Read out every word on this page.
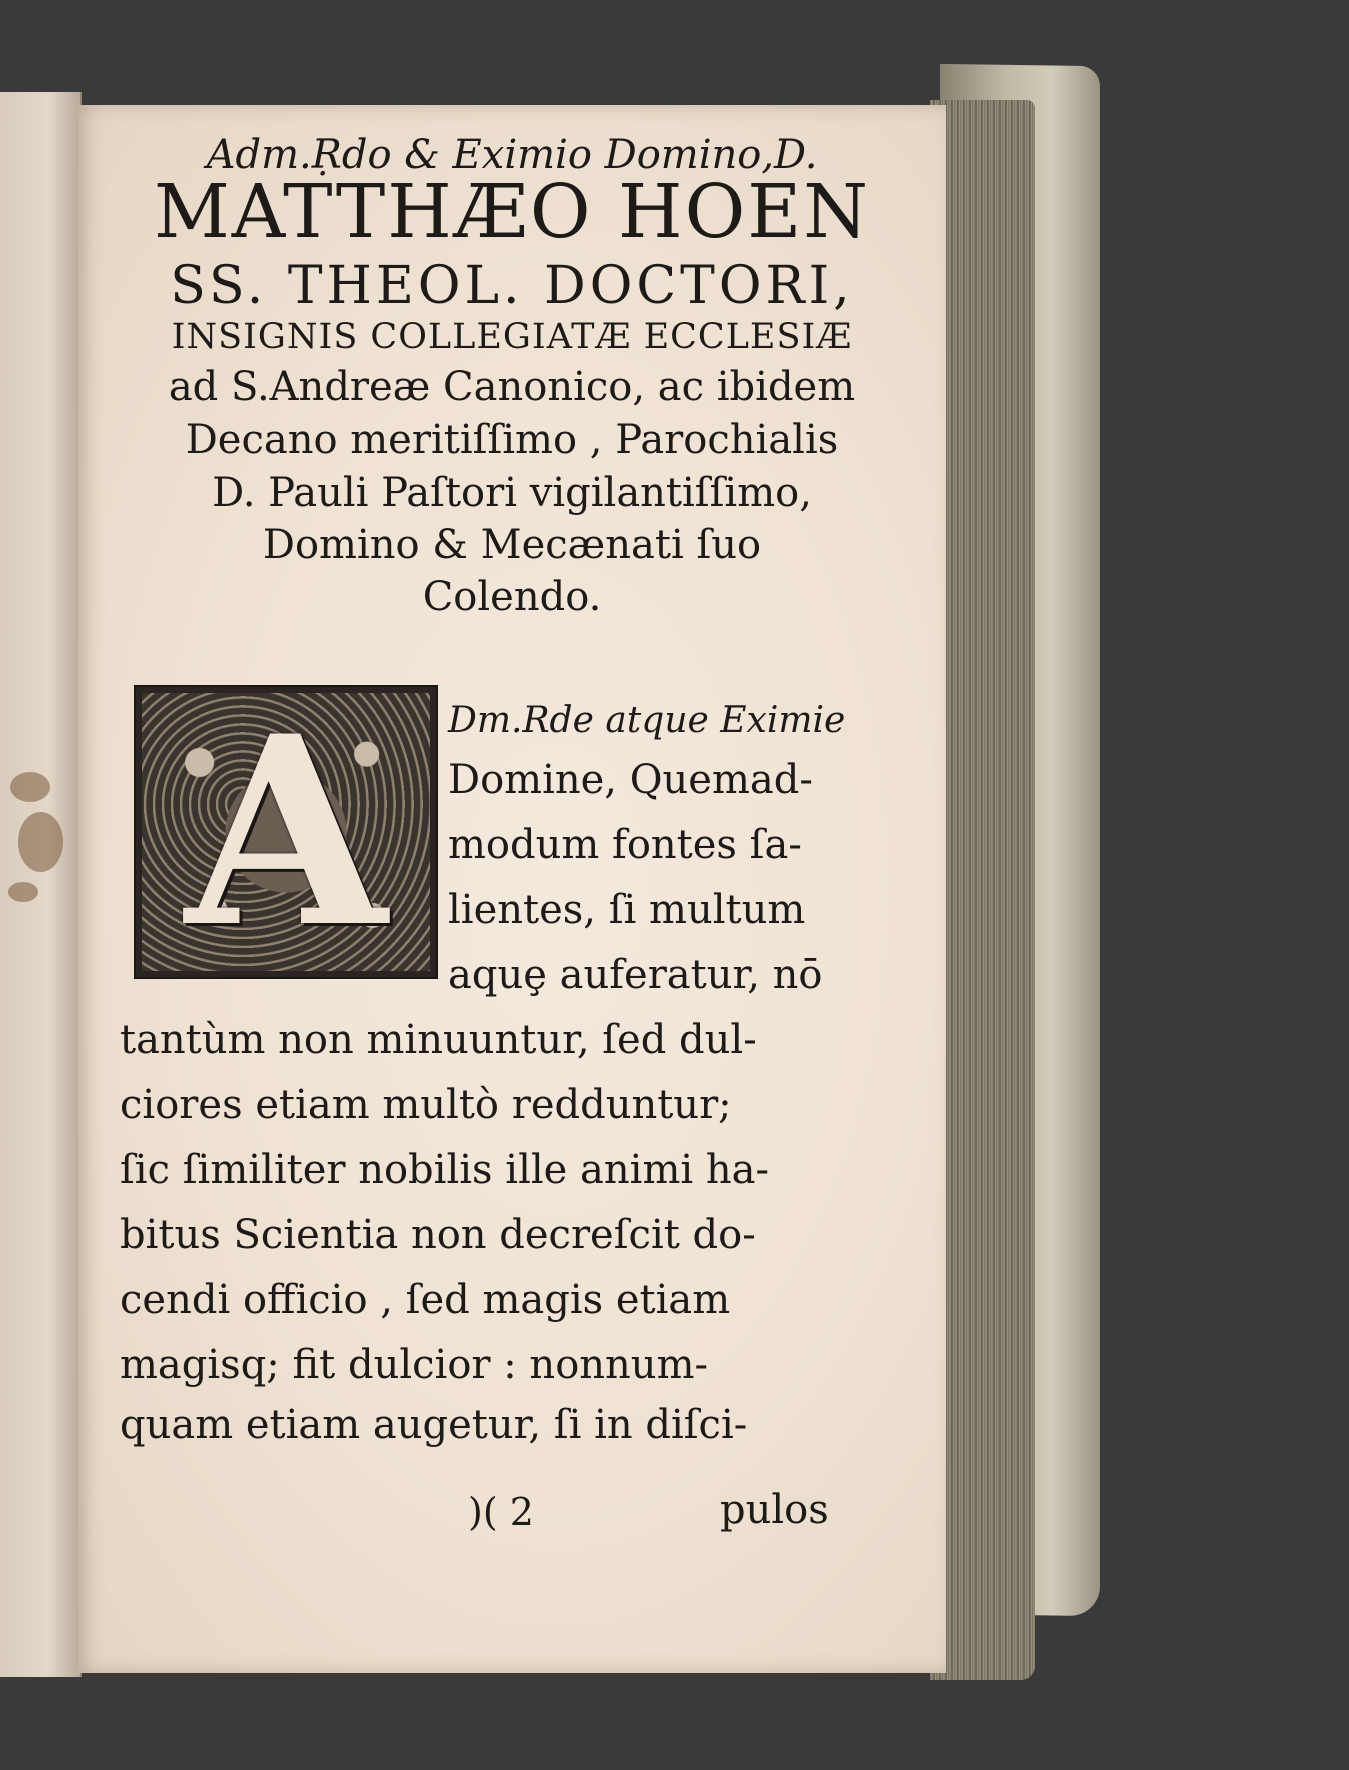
Adm.Ṛdo & Eximio Domino,D.
MATTHÆO HOEN
SS. THEOL. DOCTORI,
INSIGNIS COLLEGIATÆ ECCLESIÆ
ad S.Andreæ Canonico, ac ibidem
Decano meritiſſimo , Parochialis
D. Pauli Paſtori vigilantiſſimo,
Domino & Mecænati ſuo
Colendo.
A	Dm.Rde atque Eximie
Domine, Quemad-
modum fontes ſa-
lientes, ſi multum
aquȩ auferatur, nō
tantùm non minuuntur, ſed dul-
ciores etiam multò redduntur;
ſic ſimiliter nobilis ille animi ha-
bitus Scientia non decreſcit do-
cendi officio , ſed magis etiam
magisq; fit dulcior : nonnum-
quam etiam augetur, ſi in diſci-
)( 2	pulos
